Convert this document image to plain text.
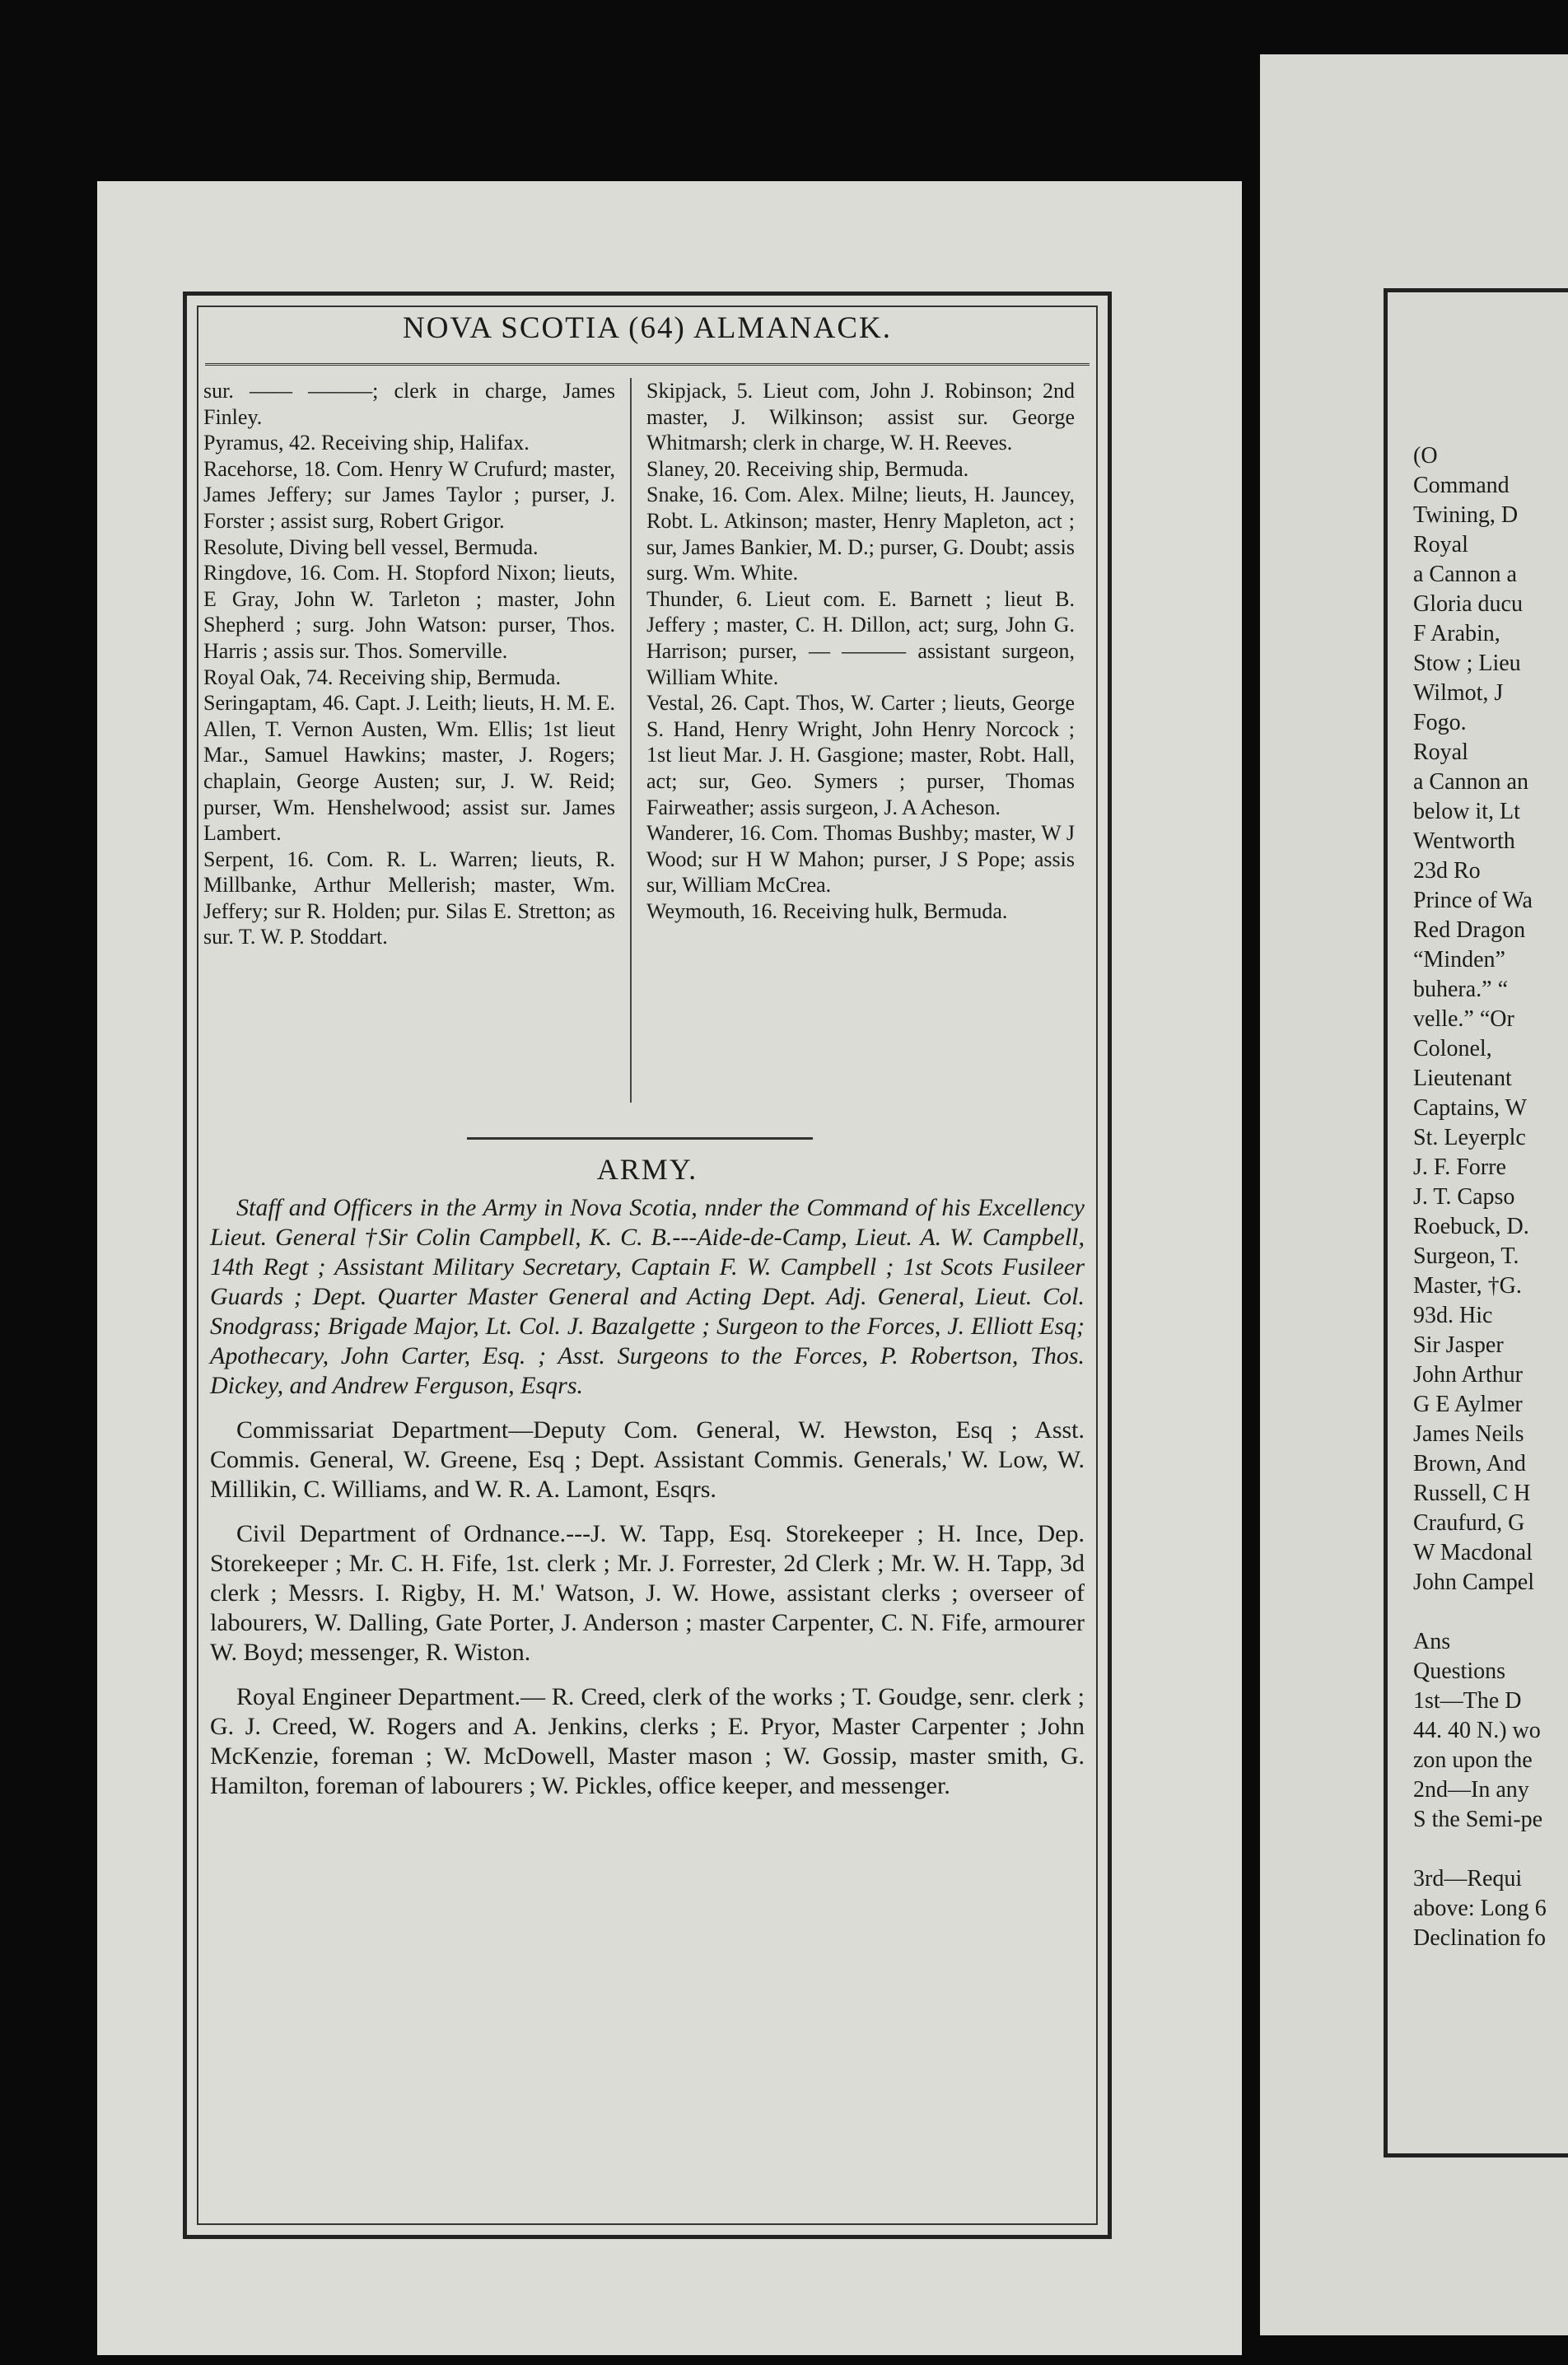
NOVA SCOTIA (64) ALMANACK.

sur. —— ———; clerk in charge, James Finley.

Pyramus, 42. Receiving ship, Halifax.

Racehorse, 18. Com. Henry W Crufurd; master, James Jeffery; sur James Taylor ; purser, J. Forster ; assist surg, Robert Grigor.

Resolute, Diving bell vessel, Bermuda.

Ringdove, 16. Com. H. Stopford Nixon; lieuts, E Gray, John W. Tarleton ; master, John Shepherd ; surg. John Watson: purser, Thos. Harris ; assis sur. Thos. Somerville.

Royal Oak, 74. Receiving ship, Bermuda.

Seringaptam, 46. Capt. J. Leith; lieuts, H. M. E. Allen, T. Vernon Austen, Wm. Ellis; 1st lieut Mar., Samuel Hawkins; master, J. Rogers; chaplain, George Austen; sur, J. W. Reid; purser, Wm. Henshelwood; assist sur. James Lambert.

Serpent, 16. Com. R. L. Warren; lieuts, R. Millbanke, Arthur Mellerish; master, Wm. Jeffery; sur R. Holden; pur. Silas E. Stretton; as sur. T. W. P. Stoddart.

Skipjack, 5. Lieut com, John J. Robinson; 2nd master, J. Wilkinson; assist sur. George Whitmarsh; clerk in charge, W. H. Reeves.

Slaney, 20. Receiving ship, Bermuda.

Snake, 16. Com. Alex. Milne; lieuts, H. Jauncey, Robt. L. Atkinson; master, Henry Mapleton, act ; sur, James Bankier, M. D.; purser, G. Doubt; assis surg. Wm. White.

Thunder, 6. Lieut com. E. Barnett ; lieut B. Jeffery ; master, C. H. Dillon, act; surg, John G. Harrison; purser, — ——— assistant surgeon, William White.

Vestal, 26. Capt. Thos, W. Carter ; lieuts, George S. Hand, Henry Wright, John Henry Norcock ; 1st lieut Mar. J. H. Gasgione; master, Robt. Hall, act; sur, Geo. Symers ; purser, Thomas Fairweather; assis surgeon, J. A Acheson.

Wanderer, 16. Com. Thomas Bushby; master, W J Wood; sur H W Mahon; purser, J S Pope; assis sur, William McCrea.

Weymouth, 16. Receiving hulk, Bermuda.

ARMY.

Staff and Officers in the Army in Nova Scotia, nnder the Command of his Excellency Lieut. General †Sir Colin Campbell, K. C. B.---Aide-de-Camp, Lieut. A. W. Campbell, 14th Regt ; Assistant Military Secretary, Captain F. W. Campbell ; 1st Scots Fusileer Guards ; Dept. Quarter Master General and Acting Dept. Adj. General, Lieut. Col. Snodgrass; Brigade Major, Lt. Col. J. Bazalgette ; Surgeon to the Forces, J. Elliott Esq; Apothecary, John Carter, Esq. ; Asst. Surgeons to the Forces, P. Robertson, Thos. Dickey, and Andrew Ferguson, Esqrs.

Commissariat Department—Deputy Com. General, W. Hewston, Esq ; Asst. Commis. General, W. Greene, Esq ; Dept. Assistant Commis. Generals,' W. Low, W. Millikin, C. Williams, and W. R. A. Lamont, Esqrs.

Civil Department of Ordnance.---J. W. Tapp, Esq. Storekeeper ; H. Ince, Dep. Storekeeper ; Mr. C. H. Fife, 1st. clerk ; Mr. J. Forrester, 2d Clerk ; Mr. W. H. Tapp, 3d clerk ; Messrs. I. Rigby, H. M.' Watson, J. W. Howe, assistant clerks ; overseer of labourers, W. Dalling, Gate Porter, J. Anderson ; master Carpenter, C. N. Fife, armourer W. Boyd; messenger, R. Wiston.

Royal Engineer Department.— R. Creed, clerk of the works ; T. Goudge, senr. clerk ; G. J. Creed, W. Rogers and A. Jenkins, clerks ; E. Pryor, Master Carpenter ; John McKenzie, foreman ; W. McDowell, Master mason ; W. Gossip, master smith, G. Hamilton, foreman of labourers ; W. Pickles, office keeper, and messenger.

(O
Command
Twining, D
Royal
a Cannon a
Gloria ducu
F Arabin,
Stow ; Lieu
Wilmot, J
Fogo.
Royal
a Cannon an
below it, Lt
Wentworth
23d Ro
Prince of Wa
Red Dragon
“Minden”
buhera.” “
velle.” “Or
Colonel,
Lieutenant
Captains, W
St. Leyerplc
J. F. Forre
J. T. Capso
Roebuck, D.
Surgeon, T.
Master, †G.
93d. Hic
Sir Jasper
John Arthur
G E Aylmer
James Neils
Brown, And
Russell, C H
Craufurd, G
W Macdonal
John Campel
Ans
Questions
1st—The D
44. 40 N.) wo
zon upon the
2nd—In any
S the Semi-pe
3rd—Requi
above: Long 6
Declination fo
